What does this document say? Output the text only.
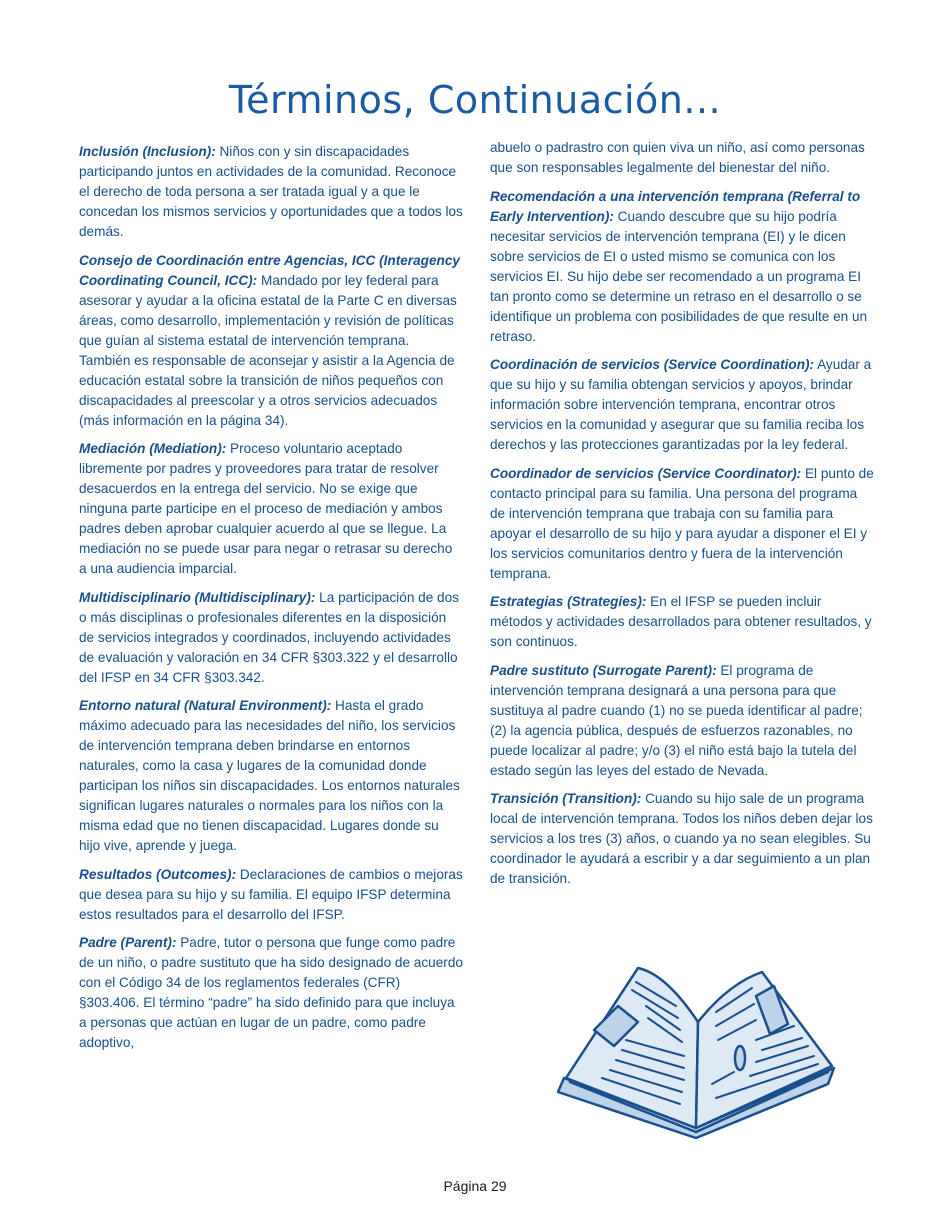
Términos, Continuación...

Inclusión (Inclusion): Niños con y sin discapacidades participando juntos en actividades de la comunidad. Reconoce el derecho de toda persona a ser tratada igual y a que le concedan los mismos servicios y oportunidades que a todos los demás.

Consejo de Coordinación entre Agencias, ICC (Interagency Coordinating Council, ICC): Mandado por ley federal para asesorar y ayudar a la oficina estatal de la Parte C en diversas áreas, como desarrollo, implementación y revisión de políticas que guían al sistema estatal de intervención temprana. También es responsable de aconsejar y asistir a la Agencia de educación estatal sobre la transición de niños pequeños con discapacidades al preescolar y a otros servicios adecuados (más información en la página 34).

Mediación (Mediation): Proceso voluntario aceptado libremente por padres y proveedores para tratar de resolver desacuerdos en la entrega del servicio. No se exige que ninguna parte participe en el proceso de mediación y ambos padres deben aprobar cualquier acuerdo al que se llegue. La mediación no se puede usar para negar o retrasar su derecho a una audiencia imparcial.

Multidisciplinario (Multidisciplinary): La participación de dos o más disciplinas o profesionales diferentes en la disposición de servicios integrados y coordinados, incluyendo actividades de evaluación y valoración en 34 CFR §303.322 y el desarrollo del IFSP en 34 CFR §303.342.

Entorno natural (Natural Environment): Hasta el grado máximo adecuado para las necesidades del niño, los servicios de intervención temprana deben brindarse en entornos naturales, como la casa y lugares de la comunidad donde participan los niños sin discapacidades. Los entornos naturales significan lugares naturales o normales para los niños con la misma edad que no tienen discapacidad. Lugares donde su hijo vive, aprende y juega.

Resultados (Outcomes): Declaraciones de cambios o mejoras que desea para su hijo y su familia. El equipo IFSP determina estos resultados para el desarrollo del IFSP.

Padre (Parent): Padre, tutor o persona que funge como padre de un niño, o padre sustituto que ha sido designado de acuerdo con el Código 34 de los reglamentos federales (CFR) §303.406. El término “padre” ha sido definido para que incluya a personas que actúan en lugar de un padre, como padre adoptivo,

abuelo o padrastro con quien viva un niño, así como personas que son responsables legalmente del bienestar del niño.

Recomendación a una intervención temprana (Referral to Early Intervention): Cuando descubre que su hijo podría necesitar servicios de intervención temprana (EI) y le dicen sobre servicios de EI o usted mismo se comunica con los servicios EI. Su hijo debe ser recomendado a un programa EI tan pronto como se determine un retraso en el desarrollo o se identifique un problema con posibilidades de que resulte en un retraso.

Coordinación de servicios (Service Coordination): Ayudar a que su hijo y su familia obtengan servicios y apoyos, brindar información sobre intervención temprana, encontrar otros servicios en la comunidad y asegurar que su familia reciba los derechos y las protecciones garantizadas por la ley federal.

Coordinador de servicios (Service Coordinator): El punto de contacto principal para su familia. Una persona del programa de intervención temprana que trabaja con su familia para apoyar el desarrollo de su hijo y para ayudar a disponer el EI y los servicios comunitarios dentro y fuera de la intervención temprana.

Estrategias (Strategies): En el IFSP se pueden incluir métodos y actividades desarrollados para obtener resultados, y son continuos.

Padre sustituto (Surrogate Parent): El programa de intervención temprana designará a una persona para que sustituya al padre cuando (1) no se pueda identificar al padre; (2) la agencia pública, después de esfuerzos razonables, no puede localizar al padre; y/o (3) el niño está bajo la tutela del estado según las leyes del estado de Nevada.

Transición (Transition): Cuando su hijo sale de un programa local de intervención temprana. Todos los niños deben dejar los servicios a los tres (3) años, o cuando ya no sean elegibles. Su coordinador le ayudará a escribir y a dar seguimiento a un plan de transición.

Página 29
